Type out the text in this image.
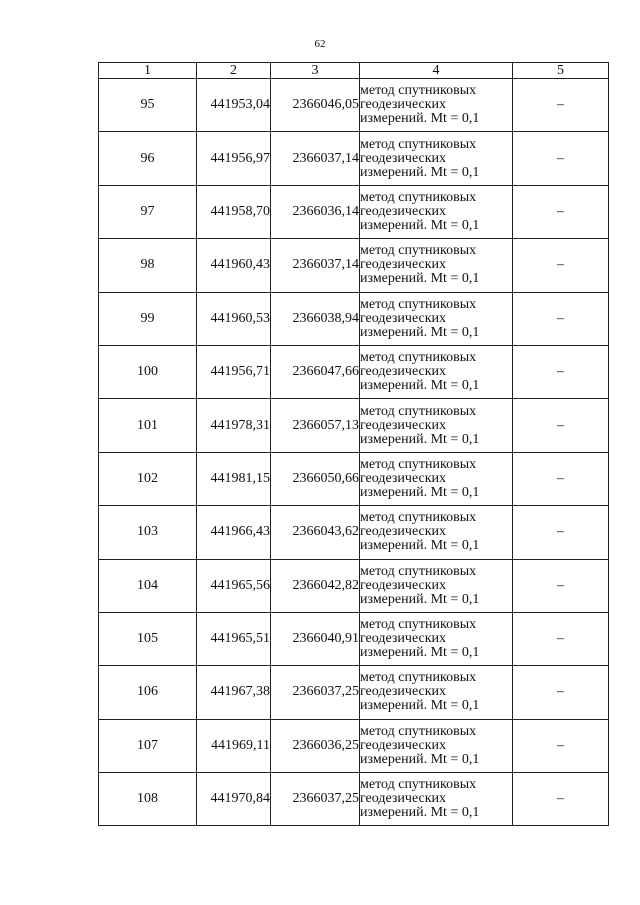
62
1	2	3	4	5
95	441953,04	2366046,05	метод спутниковых
геодезических
измерений. Mt = 0,1	–
96	441956,97	2366037,14	метод спутниковых
геодезических
измерений. Mt = 0,1	–
97	441958,70	2366036,14	метод спутниковых
геодезических
измерений. Mt = 0,1	–
98	441960,43	2366037,14	метод спутниковых
геодезических
измерений. Mt = 0,1	–
99	441960,53	2366038,94	метод спутниковых
геодезических
измерений. Mt = 0,1	–
100	441956,71	2366047,66	метод спутниковых
геодезических
измерений. Mt = 0,1	–
101	441978,31	2366057,13	метод спутниковых
геодезических
измерений. Mt = 0,1	–
102	441981,15	2366050,66	метод спутниковых
геодезических
измерений. Mt = 0,1	–
103	441966,43	2366043,62	метод спутниковых
геодезических
измерений. Mt = 0,1	–
104	441965,56	2366042,82	метод спутниковых
геодезических
измерений. Mt = 0,1	–
105	441965,51	2366040,91	метод спутниковых
геодезических
измерений. Mt = 0,1	–
106	441967,38	2366037,25	метод спутниковых
геодезических
измерений. Mt = 0,1	–
107	441969,11	2366036,25	метод спутниковых
геодезических
измерений. Mt = 0,1	–
108	441970,84	2366037,25	метод спутниковых
геодезических
измерений. Mt = 0,1	–
